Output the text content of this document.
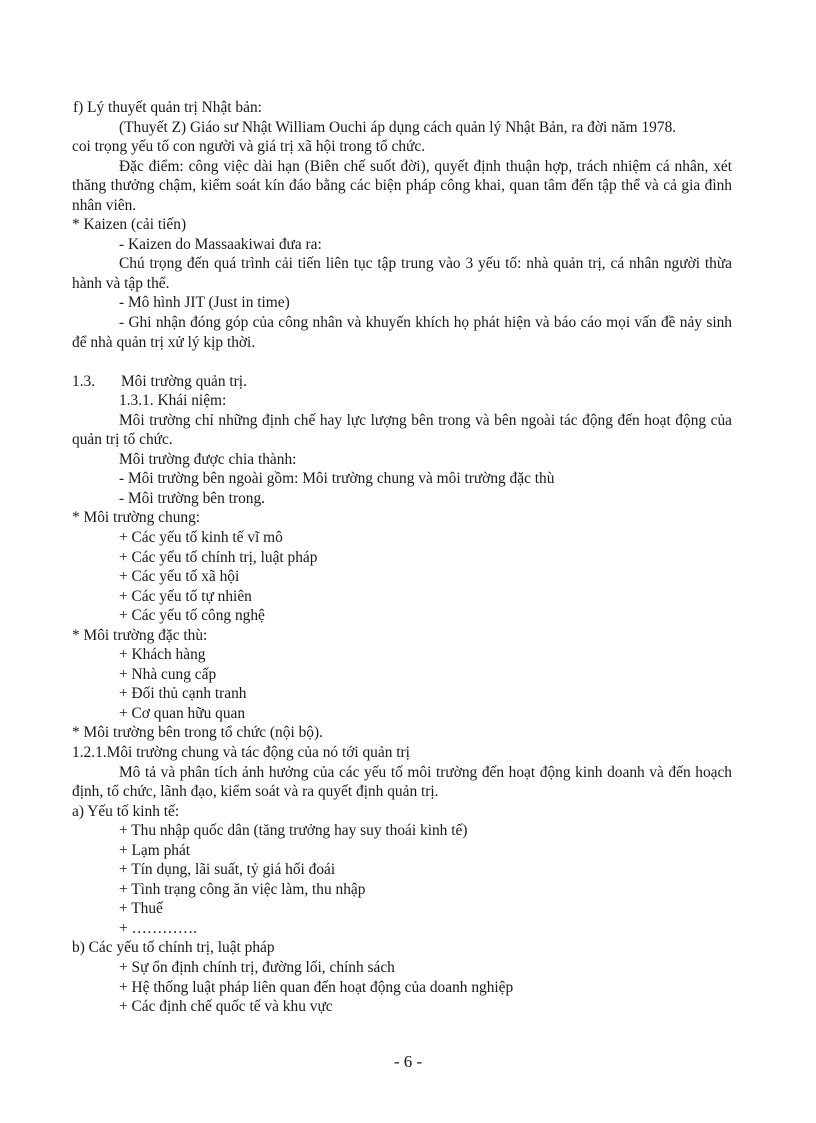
f) Lý thuyết quản trị Nhật bản:

(Thuyết Z) Giáo sư Nhật William Ouchi áp dụng cách quản lý Nhật Bản, ra đời năm 1978.

coi trọng yếu tố con người và giá trị xã hội trong tổ chức.

Đặc điểm: công việc dài hạn (Biên chế suốt đời), quyết định thuận hợp, trách nhiệm cá nhân, xét thăng thưởng chậm, kiểm soát kín đáo bằng các biện pháp công khai, quan tâm đến tập thể và cả gia đình nhân viên.

* Kaizen (cải tiến)

- Kaizen do Massaakiwai đưa ra:

Chú trọng đến quá trình cải tiến liên tục tập trung vào 3 yếu tố: nhà quản trị, cá nhân người thừa hành và tập thể.

- Mô hình JIT (Just in time)

- Ghi nhận đóng góp của công nhân và khuyến khích họ phát hiện và báo cáo mọi vấn đề nảy sinh để nhà quản trị xử lý kịp thời.

1.3.	Môi trường quản trị.

1.3.1. Khái niệm:

Môi trường chỉ những định chế hay lực lượng bên trong và bên ngoài tác động đến hoạt động của quản trị tổ chức.

Môi trường được chia thành:

- Môi trường bên ngoài gồm: Môi trường chung và môi trường đặc thù

- Môi trường bên trong.

* Môi trường chung:

+ Các yếu tố kinh tế vĩ mô

+ Các yếu tố chính trị, luật pháp

+ Các yếu tố xã hội

+ Các yếu tố tự nhiên

+ Các yếu tố công nghệ

* Môi trường đặc thù:

+ Khách hàng

+ Nhà cung cấp

+ Đối thủ cạnh tranh

+ Cơ quan hữu quan

* Môi trường bên trong tổ chức (nội bộ).

1.2.1.Môi trường chung và tác động của nó tới quản trị

Mô tả và phân tích ảnh hưởng của các yếu tố môi trường đến hoạt động kinh doanh và đến hoạch định, tổ chức, lãnh đạo, kiểm soát và ra quyết định quản trị.

a) Yếu tố kinh tế:

+ Thu nhập quốc dân (tăng trưởng hay suy thoái kinh tế)

+ Lạm phát

+ Tín dụng, lãi suất, tỷ giá hối đoái

+ Tình trạng công ăn việc làm, thu nhập

+ Thuế

+ ………….

b) Các yếu tố chính trị, luật pháp

+ Sự ổn định chính trị, đường lối, chính sách

+ Hệ thống luật pháp liên quan đến hoạt động của doanh nghiệp

+ Các định chế quốc tế và khu vực

- 6 -
